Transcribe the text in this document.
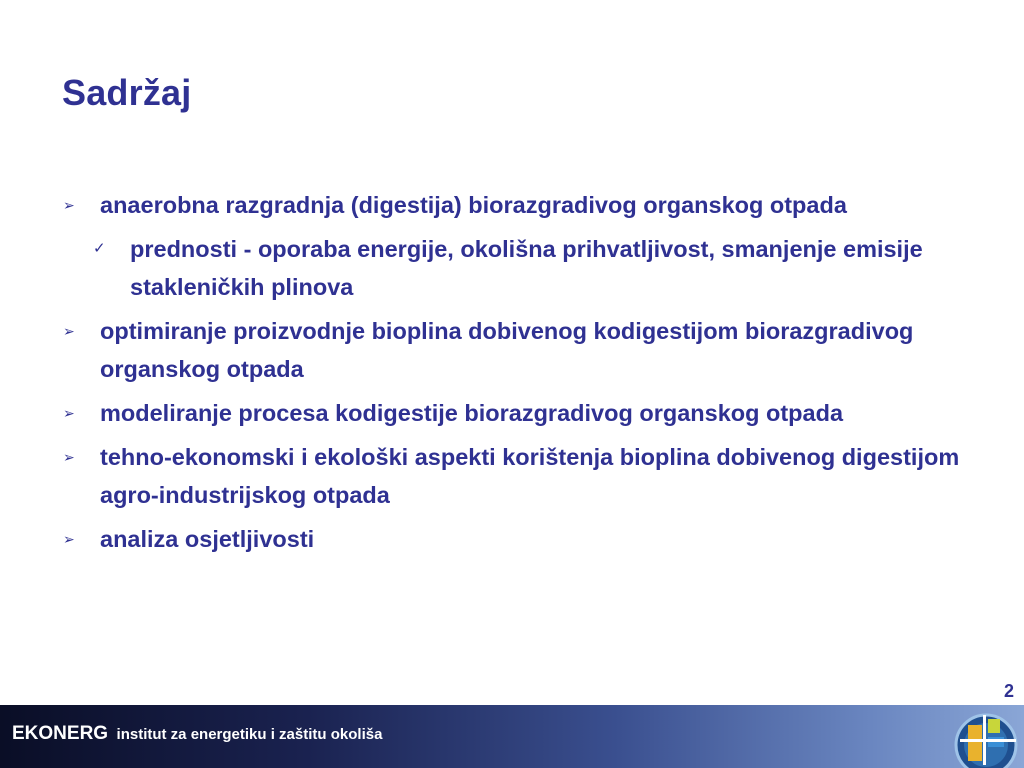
Sadržaj
➢ anaerobna razgradnja (digestija) biorazgradivog organskog otpada
✓ prednosti - oporaba energije, okolišna prihvatljivost, smanjenje emisije stakleničkih plinova
➢ optimiranje proizvodnje bioplina dobivenog kodigestijom biorazgradivog organskog otpada
➢ modeliranje procesa kodigestije biorazgradivog organskog otpada
➢ tehno-ekonomski i ekološki aspekti korištenja bioplina dobivenog digestijom agro-industrijskog otpada
➢ analiza osjetljivosti
2
EKONERG institut za energetiku i zaštitu okoliša
